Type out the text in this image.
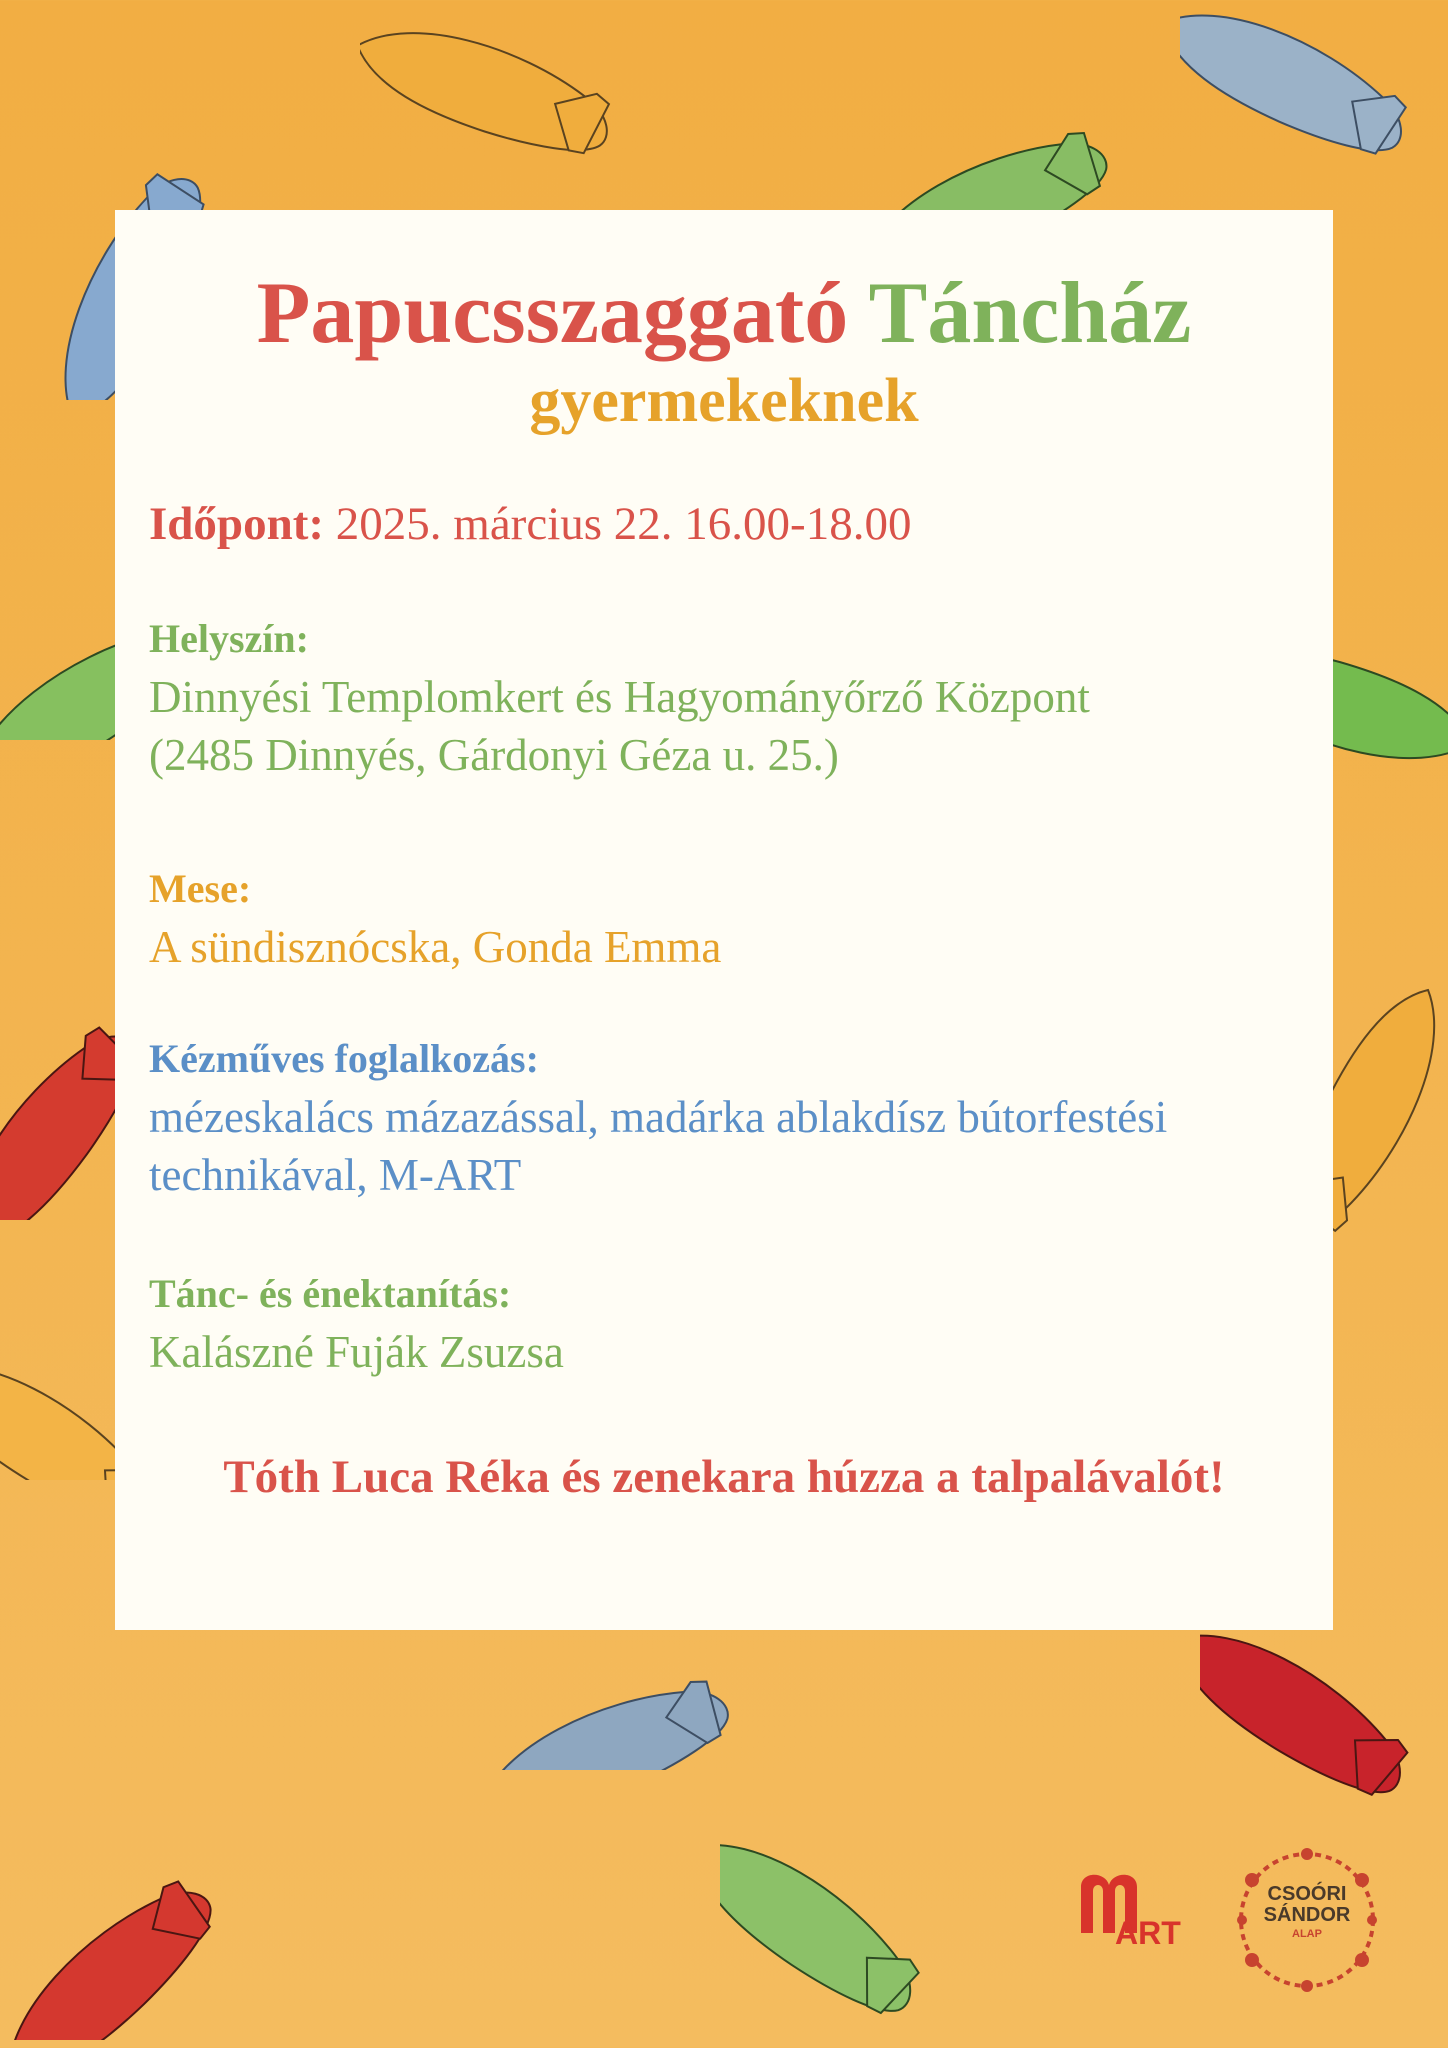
Papucsszaggató Táncház
gyermekeknek
Időpont: 2025. március 22. 16.00-18.00
Helyszín:
Dinnyési Templomkert és Hagyományőrző Központ
(2485 Dinnyés, Gárdonyi Géza u. 25.)
Mese:
A sündisznócska, Gonda Emma
Kézműves foglalkozás:
mézeskalács mázazással, madárka ablakdísz bútorfestési
technikával, M-ART
Tánc- és énektanítás:
Kalászné Fuják Zsuzsa
Tóth Luca Réka és zenekara húzza a talpalávalót!
ART
CSOÓRI
SÁNDOR
ALAP
